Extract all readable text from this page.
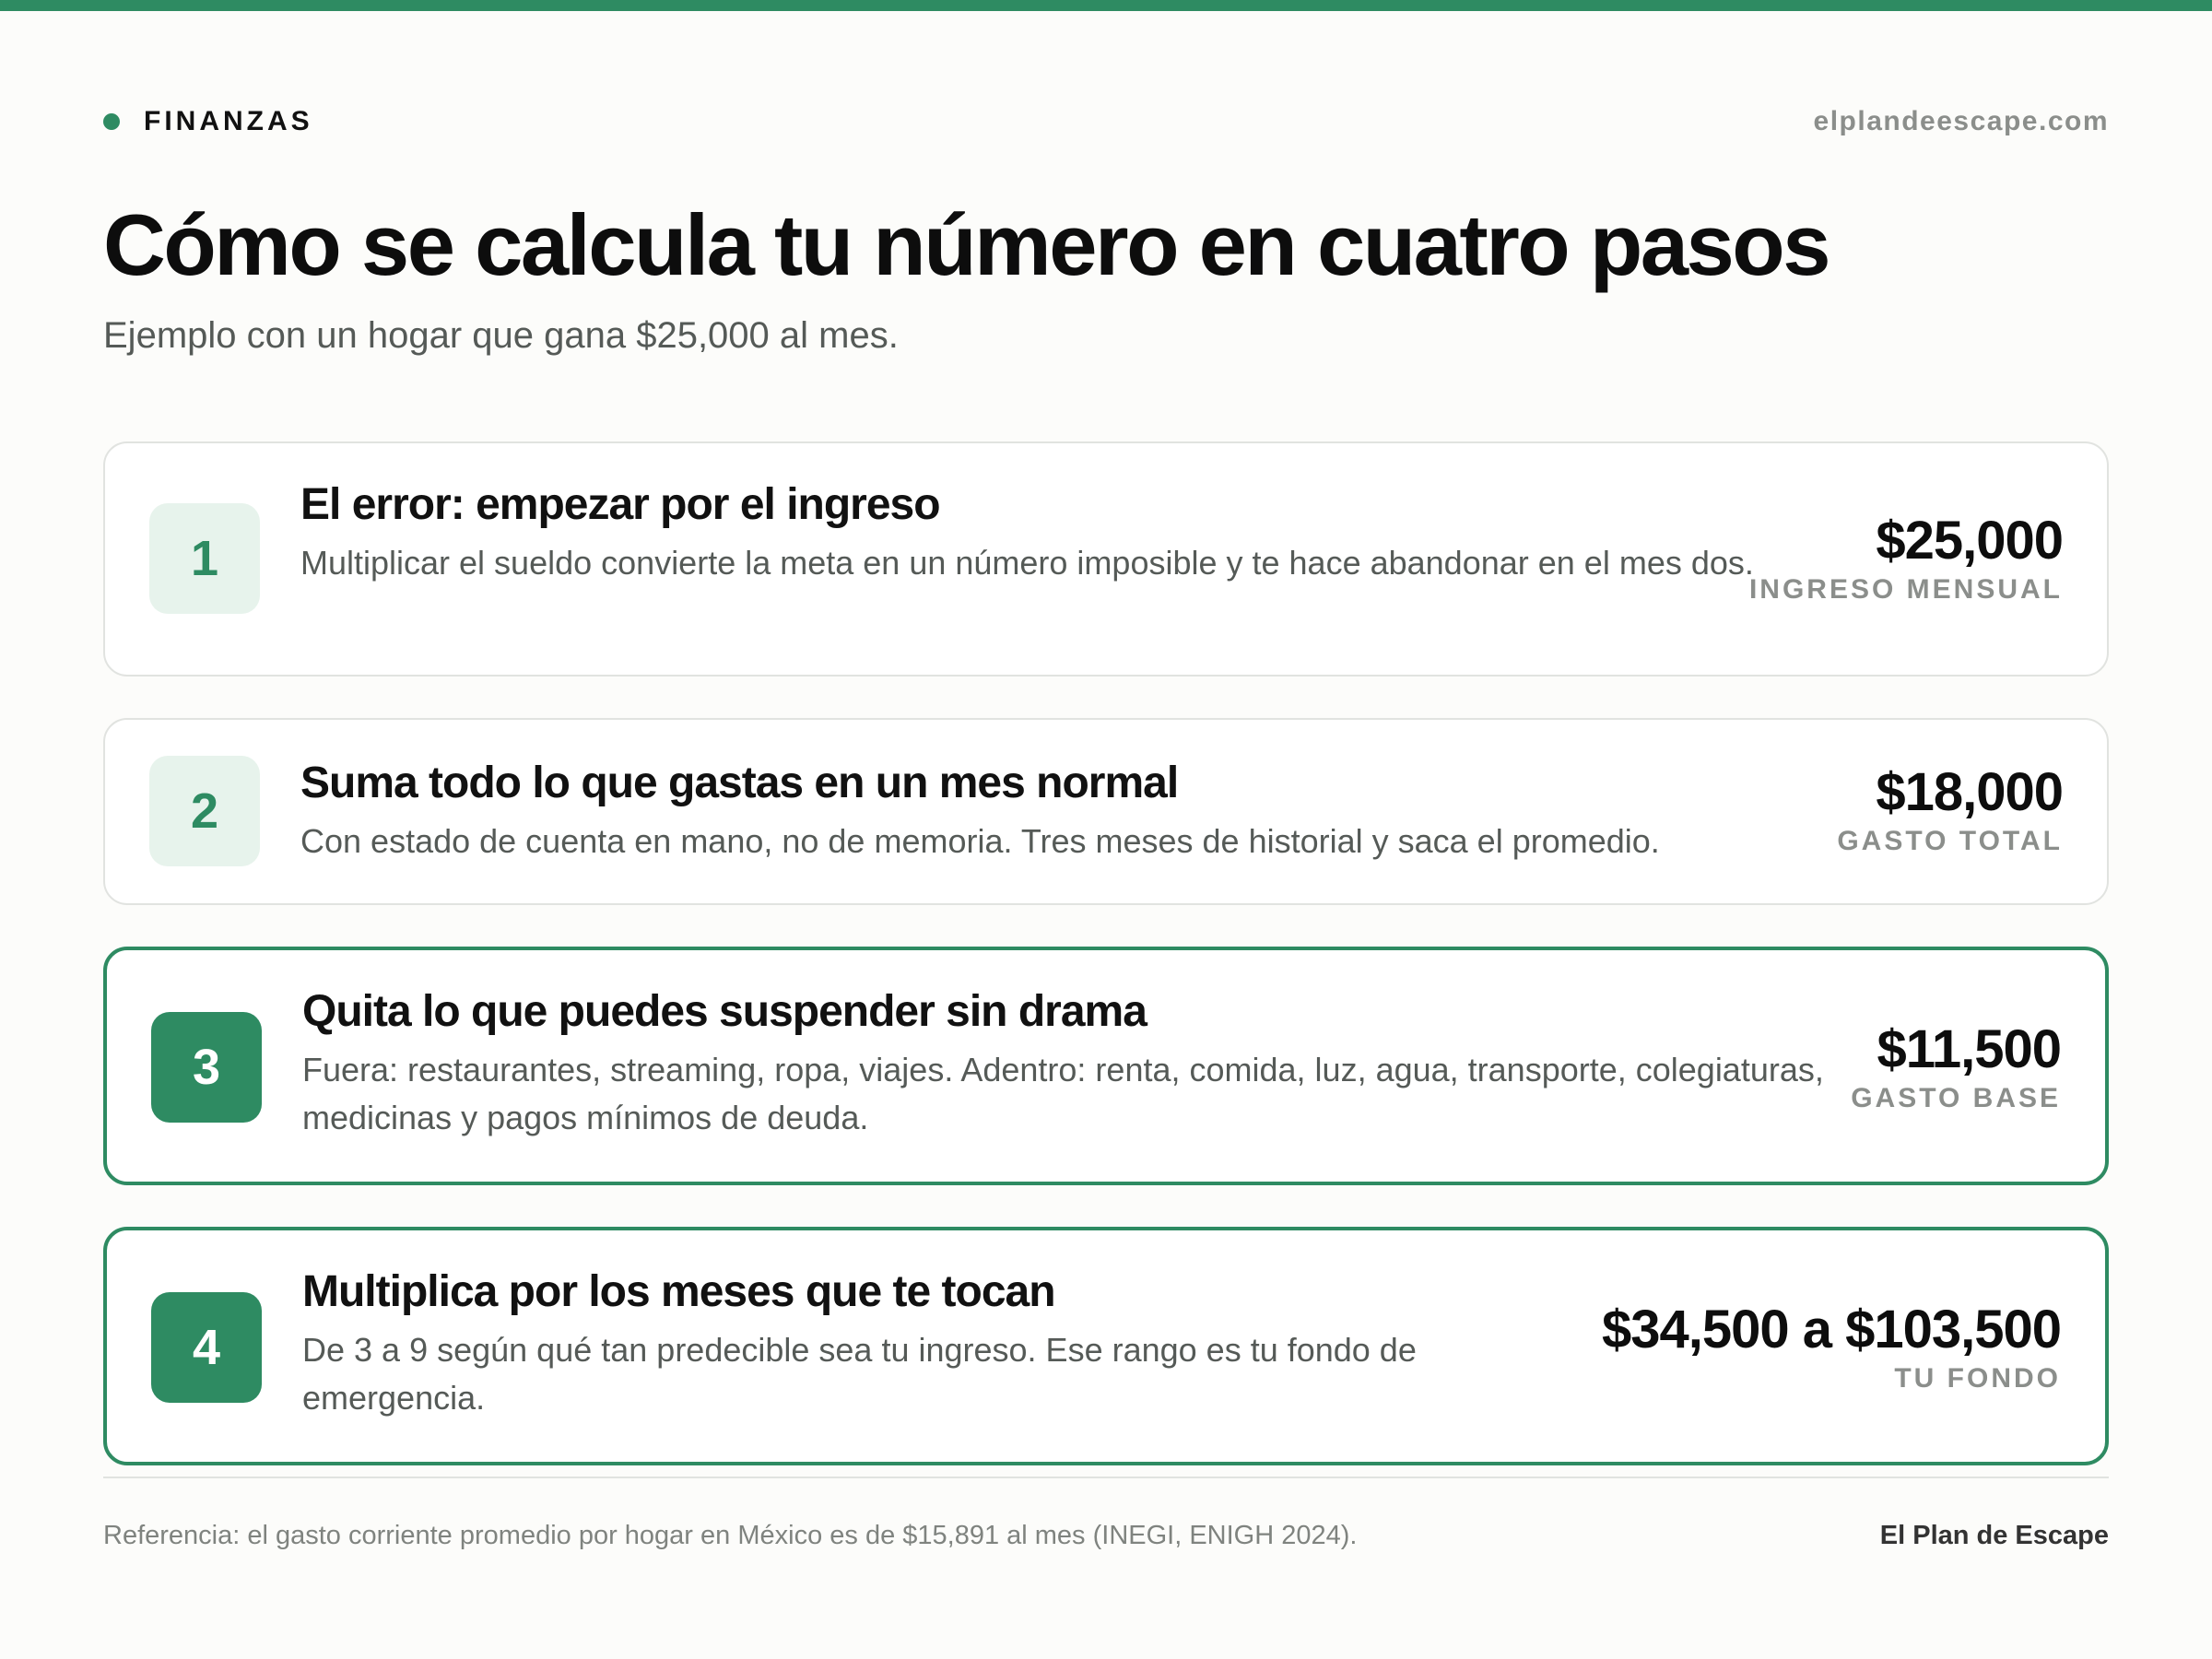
FINANZAS	elplandeescape.com
Cómo se calcula tu número en cuatro pasos

Ejemplo con un hogar que gana $25,000 al mes.

1
El error: empezar por el ingreso
Multiplicar el sueldo convierte la meta en un número imposible y te hace abandonar en el mes dos.	$25,000
INGRESO MENSUAL
2
Suma todo lo que gastas en un mes normal
Con estado de cuenta en mano, no de memoria. Tres meses de historial y saca el promedio.
$18,000
GASTO TOTAL
3
Quita lo que puedes suspender sin drama
Fuera: restaurantes, streaming, ropa, viajes. Adentro: renta, comida, luz, agua, transporte, colegiaturas, medicinas y pagos mínimos de deuda.
$11,500
GASTO BASE
4
Multiplica por los meses que te tocan
De 3 a 9 según qué tan predecible sea tu ingreso. Ese rango es tu fondo de emergencia.
$34,500 a $103,500
TU FONDO
Referencia: el gasto corriente promedio por hogar en México es de $15,891 al mes (INEGI, ENIGH 2024).	El Plan de Escape
